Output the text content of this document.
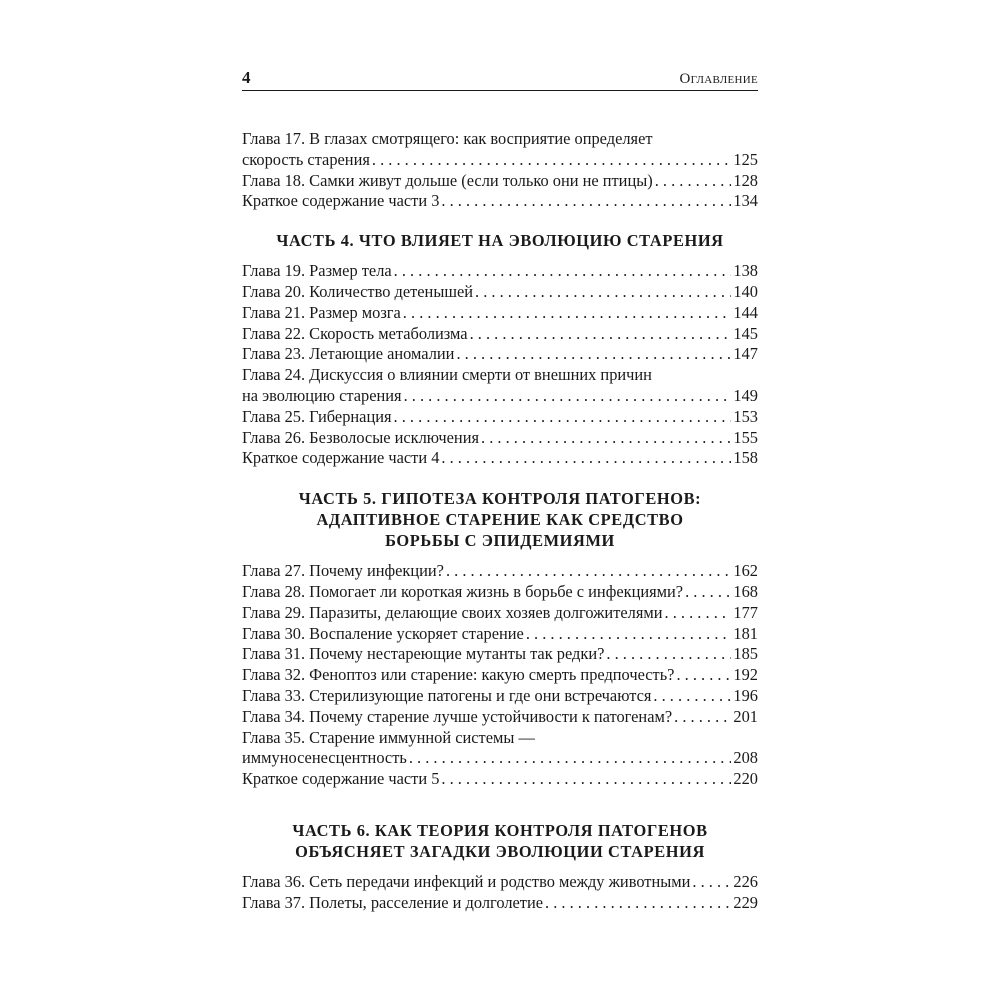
4	Оглавление
Глава 17. В глазах смотрящего: как восприятие определяет
скорость старения . . .	125
Глава 18. Самки живут дольше (если только они не птицы) . . .	128
Краткое содержание части 3 . . .	134
ЧАСТЬ 4. ЧТО ВЛИЯЕТ НА ЭВОЛЮЦИЮ СТАРЕНИЯ
Глава 19. Размер тела . . .	138
Глава 20. Количество детенышей . . .	140
Глава 21. Размер мозга . . .	144
Глава 22. Скорость метаболизма . . .	145
Глава 23. Летающие аномалии . . .	147
Глава 24. Дискуссия о влиянии смерти от внешних причин
на эволюцию старения . . .	149
Глава 25. Гибернация . . .	153
Глава 26. Безволосые исключения . . .	155
Краткое содержание части 4 . . .	158
ЧАСТЬ 5. ГИПОТЕЗА КОНТРОЛЯ ПАТОГЕНОВ:
АДАПТИВНОЕ СТАРЕНИЕ КАК СРЕДСТВО
БОРЬБЫ С ЭПИДЕМИЯМИ
Глава 27. Почему инфекции? . . .	162
Глава 28. Помогает ли короткая жизнь в борьбе с инфекциями? . . .	168
Глава 29. Паразиты, делающие своих хозяев долгожителями . . .	177
Глава 30. Воспаление ускоряет старение . . .	181
Глава 31. Почему нестареющие мутанты так редки? . . .	185
Глава 32. Феноптоз или старение: какую смерть предпочесть? . . .	192
Глава 33. Стерилизующие патогены и где они встречаются . . .	196
Глава 34. Почему старение лучше устойчивости к патогенам? . . .	201
Глава 35. Старение иммунной системы —
иммуносенесцентность . . .	208
Краткое содержание части 5 . . .	220
ЧАСТЬ 6. КАК ТЕОРИЯ КОНТРОЛЯ ПАТОГЕНОВ
ОБЪЯСНЯЕТ ЗАГАДКИ ЭВОЛЮЦИИ СТАРЕНИЯ
Глава 36. Сеть передачи инфекций и родство между животными . . .	226
Глава 37. Полеты, расселение и долголетие . . .	229
